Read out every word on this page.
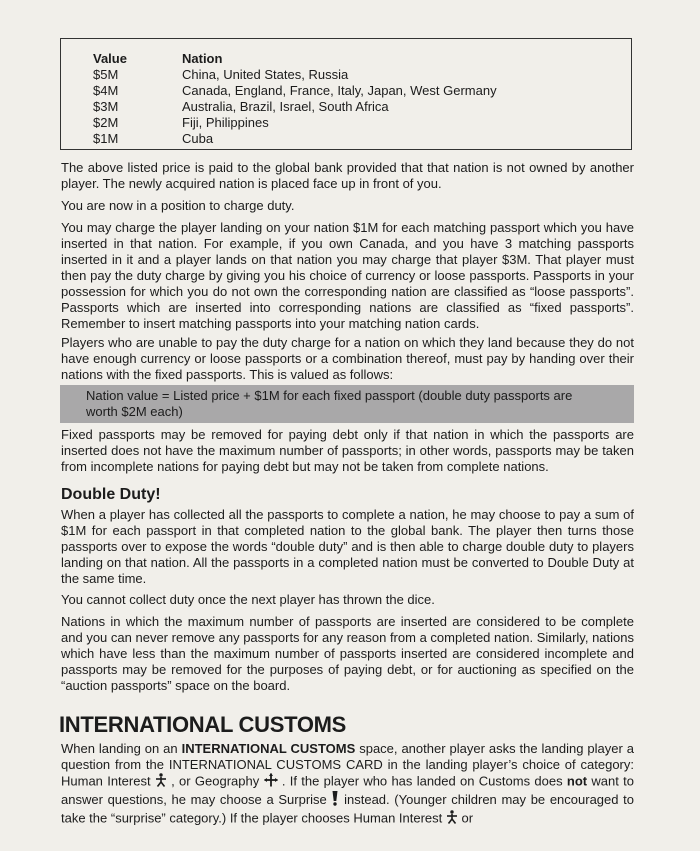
Value	Nation
$5M	China, United States, Russia
$4M	Canada, England, France, Italy, Japan, West Germany
$3M	Australia, Brazil, Israel, South Africa
$2M	Fiji, Philippines
$1M	Cuba

The above listed price is paid to the global bank provided that that nation is not owned by another player. The newly acquired nation is placed face up in front of you.

You are now in a position to charge duty.

You may charge the player landing on your nation $1M for each matching passport which you have inserted in that nation. For example, if you own Canada, and you have 3 matching passports inserted in it and a player lands on that nation you may charge that player $3M. That player must then pay the duty charge by giving you his choice of currency or loose passports. Passports in your possession for which you do not own the corresponding nation are classified as “loose passports”. Passports which are inserted into corresponding nations are classified as “fixed passports”. Remember to insert matching passports into your matching nation cards.

Players who are unable to pay the duty charge for a nation on which they land because they do not have enough currency or loose passports or a combination thereof, must pay by handing over their nations with the fixed passports. This is valued as follows:

Nation value = Listed price + $1M for each fixed passport (double duty passports are
worth $2M each)

Fixed passports may be removed for paying debt only if that nation in which the passports are inserted does not have the maximum number of passports; in other words, passports may be taken from incomplete nations for paying debt but may not be taken from complete nations.

Double Duty!

When a player has collected all the passports to complete a nation, he may choose to pay a sum of $1M for each passport in that completed nation to the global bank. The player then turns those passports over to expose the words “double duty” and is then able to charge double duty to players landing on that nation. All the passports in a completed nation must be converted to Double Duty at the same time.

You cannot collect duty once the next player has thrown the dice.

Nations in which the maximum number of passports are inserted are considered to be complete and you can never remove any passports for any reason from a completed nation. Similarly, nations which have less than the maximum number of passports inserted are considered incomplete and passports may be removed for the purposes of paying debt, or for auctioning as specified on the “auction passports” space on the board.

INTERNATIONAL CUSTOMS

When landing on an INTERNATIONAL CUSTOMS space, another player asks the landing player a question from the INTERNATIONAL CUSTOMS CARD in the landing player’s choice of category: Human Interest  , or Geography  . If the player who has landed on Customs does not want to answer questions, he may choose a Surprise  instead. (Younger children may be encouraged to take the “surprise” category.) If the player chooses Human Interest  or
